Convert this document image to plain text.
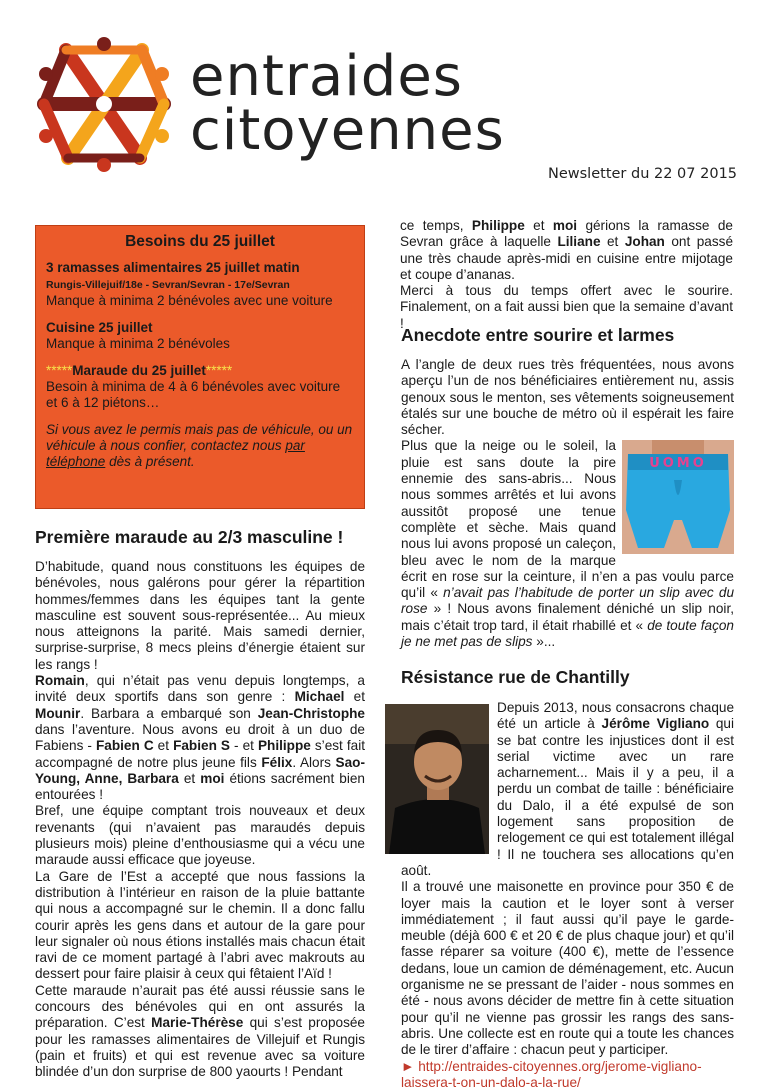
entraides
citoyennes
Newsletter du 22 07 2015
Besoins du 25 juillet

3 ramasses alimentaires 25 juillet matin
Rungis-Villejuif/18e - Sevran/Sevran - 17e/Sevran
Manque à minima 2 bénévoles avec une voiture

Cuisine 25 juillet
Manque à minima 2 bénévoles

*****Maraude du 25 juillet*****
Besoin à minima de 4 à 6 bénévoles avec voiture et 6 à 12 piétons…

Si vous avez le permis mais pas de véhicule, ou un véhicule à nous confier, contactez nous par téléphone dès à présent.

Première maraude au 2/3 masculine !

D’habitude, quand nous constituons les équipes de bénévoles, nous galérons pour gérer la répartition hommes/femmes dans les équipes tant la gente masculine est souvent sous-représentée... Au mieux nous atteignons la parité. Mais samedi dernier, surprise-surprise, 8 mecs pleins d’énergie étaient sur les rangs !

Romain, qui n’était pas venu depuis longtemps, a invité deux sportifs dans son genre : Michael et Mounir. Barbara a embarqué son Jean-Christophe dans l’aventure. Nous avons eu droit à un duo de Fabiens - Fabien C et Fabien S - et Philippe s’est fait accompagné de notre plus jeune fils Félix. Alors Sao-Young, Anne, Barbara et moi étions sacrément bien entourées !

Bref, une équipe comptant trois nouveaux et deux revenants (qui n’avaient pas maraudés depuis plusieurs mois) pleine d’enthousiasme qui a vécu une maraude aussi efficace que joyeuse.

La Gare de l’Est a accepté que nous fassions la distribution à l’intérieur en raison de la pluie battante qui nous a accompagné sur le chemin. Il a donc fallu courir après les gens dans et autour de la gare pour leur signaler où nous étions installés mais chacun était ravi de ce moment partagé à l’abri avec makrouts au dessert pour faire plaisir à ceux qui fêtaient l’Aïd !

Cette maraude n’aurait pas été aussi réussie sans le concours des bénévoles qui en ont assurés la préparation. C’est Marie-Thérèse qui s’est proposée pour les ramasses alimentaires de Villejuif et Rungis (pain et fruits) et qui est revenue avec sa voiture blindée d’un don surprise de 800 yaourts ! Pendant

ce temps, Philippe et moi gérions la ramasse de Sevran grâce à laquelle Liliane et Johan ont passé une très chaude après-midi en cuisine entre mijotage et coupe d’ananas.

Merci à tous du temps offert avec le sourire. Finalement, on a fait aussi bien que la semaine d’avant !

Anecdote entre sourire et larmes

A l’angle de deux rues très fréquentées, nous avons aperçu l’un de nos bénéficiaires entièrement nu, assis genoux sous le menton, ses vêtements soigneusement étalés sur une bouche de métro où il espérait les faire sécher.

UOMO

Plus que la neige ou le soleil, la pluie est sans doute la pire ennemie des sans-abris... Nous nous sommes arrêtés et lui avons aussitôt proposé une tenue complète et sèche. Mais quand nous lui avons proposé un caleçon, bleu avec le nom de la marque écrit en rose sur la ceinture, il n’en a pas voulu parce qu’il « n’avait pas l’habitude de porter un slip avec du rose » ! Nous avons finalement déniché un slip noir, mais c’était trop tard, il était rhabillé et « de toute façon je ne met pas de slips »...

Résistance rue de Chantilly

Depuis 2013, nous consacrons chaque été un article à Jérôme Vigliano qui se bat contre les injustices dont il est serial victime avec un rare acharnement... Mais il y a peu, il a perdu un combat de taille : bénéficiaire du Dalo, il a été expulsé de son logement sans proposition de relogement ce qui est totalement illégal ! Il ne touchera ses allocations qu’en août.

Il a trouvé une maisonette en province pour 350 € de loyer mais la caution et le loyer sont à verser immédiatement ; il faut aussi qu’il paye le garde-meuble (déjà 600 € et 20 € de plus chaque jour) et qu’il fasse réparer sa voiture (400 €), mette de l’essence dedans, loue un camion de déménagement, etc. Aucun organisme ne se pressant de l’aider - nous sommes en été - nous avons décider de mettre fin à cette situation pour qu’il ne vienne pas grossir les rangs des sans-abris. Une collecte est en route qui a toute les chances de le tirer d’affaire : chacun peut y participer.

► http://entraides-citoyennes.org/jerome-vigliano-laissera-t-on-un-dalo-a-la-rue/
